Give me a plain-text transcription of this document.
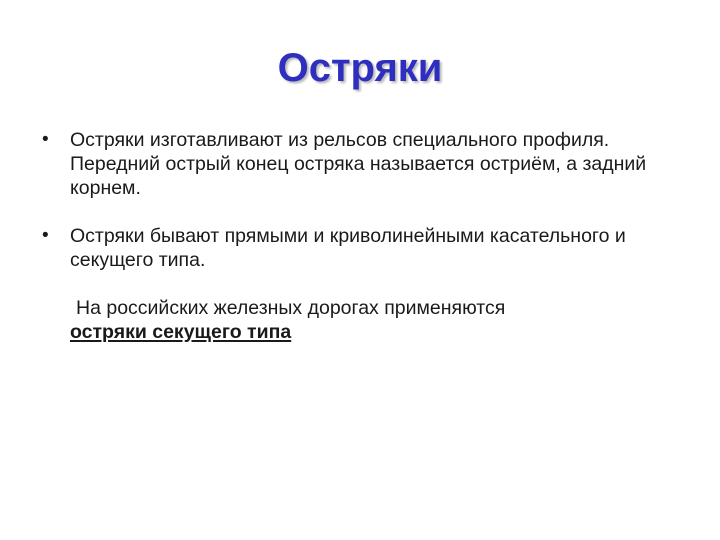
Остряки
• Остряки изготавливают из рельсов специального профиля. Передний острый конец остряка называется остриём, а задний корнем.
• Остряки бывают прямыми и криволинейными касательного и секущего типа.
На российских железных дорогах применяются
остряки секущего типа
